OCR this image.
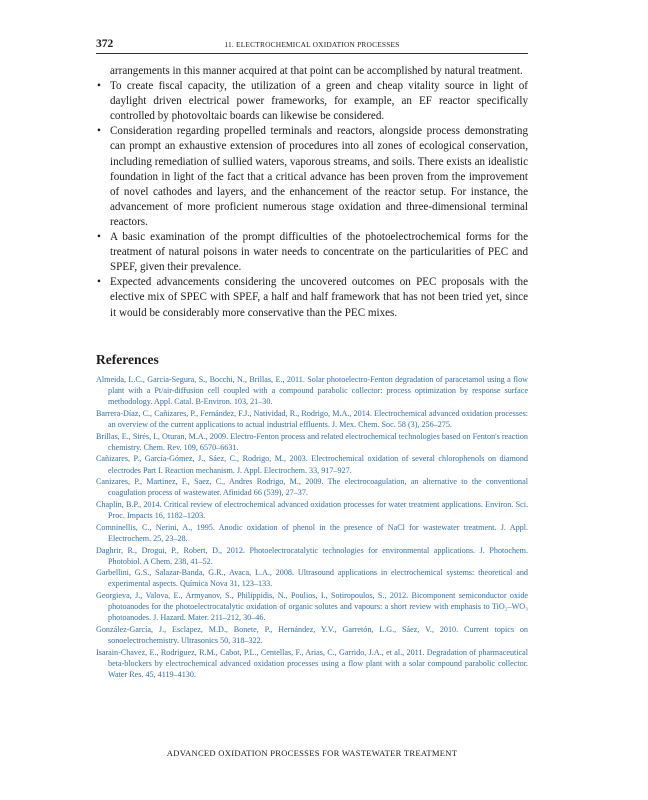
372	11. ELECTROCHEMICAL OXIDATION PROCESSES

arrangements in this manner acquired at that point can be accomplished by natural treatment.

• To create fiscal capacity, the utilization of a green and cheap vitality source in light of daylight driven electrical power frameworks, for example, an EF reactor specifically controlled by photovoltaic boards can likewise be considered.
• Consideration regarding propelled terminals and reactors, alongside process demonstrating can prompt an exhaustive extension of procedures into all zones of ecological conservation, including remediation of sullied waters, vaporous streams, and soils. There exists an idealistic foundation in light of the fact that a critical advance has been proven from the improvement of novel cathodes and layers, and the enhancement of the reactor setup. For instance, the advancement of more proficient numerous stage oxidation and three-dimensional terminal reactors.
• A basic examination of the prompt difficulties of the photoelectrochemical forms for the treatment of natural poisons in water needs to concentrate on the particularities of PEC and SPEF, given their prevalence.
• Expected advancements considering the uncovered outcomes on PEC proposals with the elective mix of SPEC with SPEF, a half and half framework that has not been tried yet, since it would be considerably more conservative than the PEC mixes.
References

Almeida, L.C., Garcia-Segura, S., Bocchi, N., Brillas, E., 2011. Solar photoelectro-Fenton degradation of paracetamol using a flow plant with a Pt/air-diffusion cell coupled with a compound parabolic collector: process optimization by response surface methodology. Appl. Catal. B-Environ. 103, 21–30.

Barrera-Díaz, C., Cañizares, P., Fernández, F.J., Natividad, R., Rodrigo, M.A., 2014. Electrochemical advanced oxidation processes: an overview of the current applications to actual industrial effluents. J. Mex. Chem. Soc. 58 (3), 256–275.

Brillas, E., Sirés, I., Oturan, M.A., 2009. Electro-Fenton process and related electrochemical technologies based on Fenton's reaction chemistry. Chem. Rev. 109, 6570–6631.

Cañizares, P., García-Gómez, J., Sáez, C., Rodrigo, M., 2003. Electrochemical oxidation of several chlorophenols on diamond electrodes Part I. Reaction mechanism. J. Appl. Electrochem. 33, 917–927.

Canizares, P., Martinez, F., Saez, C., Andres Rodrigo, M., 2009. The electrocoagulation, an alternative to the conventional coagulation process of wastewater. Afinidad 66 (539), 27–37.

Chaplin, B.P., 2014. Critical review of electrochemical advanced oxidation processes for water treatment applications. Environ. Sci. Proc. Impacts 16, 1182–1203.

Comninellis, C., Nerini, A., 1995. Anodic oxidation of phenol in the presence of NaCl for wastewater treatment. J. Appl. Electrochem. 25, 23–28.

Daghrir, R., Drogui, P., Robert, D., 2012. Photoelectrocatalytic technologies for environmental applications. J. Photochem. Photobiol. A Chem. 238, 41–52.

Garbellini, G.S., Salazar-Banda, G.R., Avaca, L.A., 2008. Ultrasound applications in electrochemical systems: theoretical and experimental aspects. Química Nova 31, 123–133.

Georgieva, J., Valova, E., Armyanov, S., Philippidis, N., Poulios, I., Sotiropoulos, S., 2012. Bicomponent semiconductor oxide photoanodes for the photoelectrocatalytic oxidation of organic solutes and vapours: a short review with emphasis to TiO₂–WO₃ photoanodes. J. Hazard. Mater. 211–212, 30–46.

González-García, J., Esclapez, M.D., Bonete, P., Hernández, Y.V., Garretón, L.G., Sáez, V., 2010. Current topics on sonoelectrochemistry. Ultrasonics 50, 318–322.

Isarain-Chavez, E., Rodriguez, R.M., Cabot, P.L., Centellas, F., Arias, C., Garrido, J.A., et al., 2011. Degradation of pharmaceutical beta-blockers by electrochemical advanced oxidation processes using a flow plant with a solar compound parabolic collector. Water Res. 45, 4119–4130.

ADVANCED OXIDATION PROCESSES FOR WASTEWATER TREATMENT
